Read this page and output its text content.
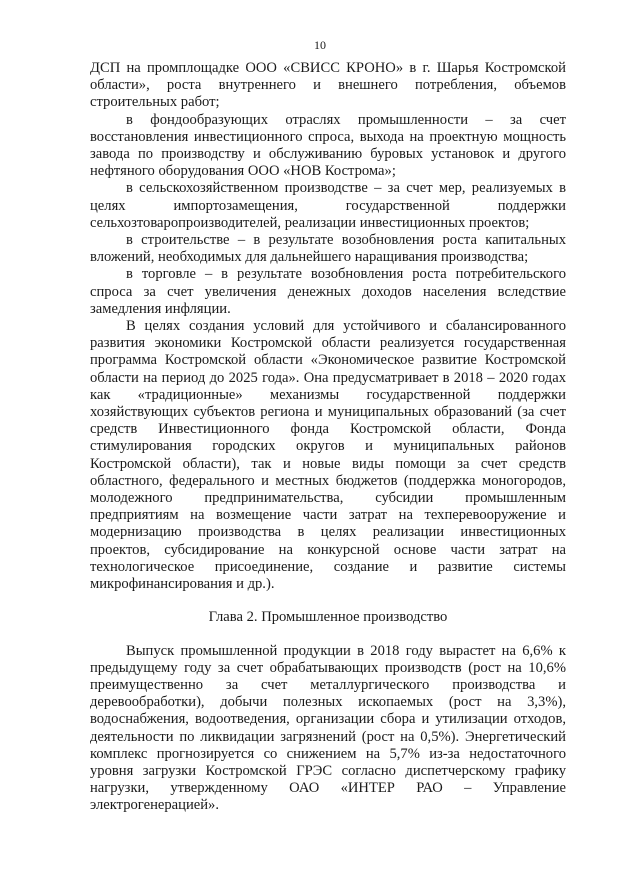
10

ДСП на промплощадке ООО «СВИСС КРОНО» в г. Шарья Костромской области», роста внутреннего и внешнего потребления, объемов строительных работ;

в фондообразующих отраслях промышленности – за счет восстановления инвестиционного спроса, выхода на проектную мощность завода по производству и обслуживанию буровых установок и другого нефтяного оборудования ООО «НОВ Кострома»;

в сельскохозяйственном производстве – за счет мер, реализуемых в целях импортозамещения, государственной поддержки сельхозтоваропроизводителей, реализации инвестиционных проектов;

в строительстве – в результате возобновления роста капитальных вложений, необходимых для дальнейшего наращивания производства;

в торговле – в результате возобновления роста потребительского спроса за счет увеличения денежных доходов населения вследствие замедления инфляции.

В целях создания условий для устойчивого и сбалансированного развития экономики Костромской области реализуется государственная программа Костромской области «Экономическое развитие Костромской области на период до 2025 года». Она предусматривает в 2018 – 2020 годах как «традиционные» механизмы государственной поддержки хозяйствующих субъектов региона и муниципальных образований (за счет средств Инвестиционного фонда Костромской области, Фонда стимулирования городских округов и муниципальных районов Костромской области), так и новые виды помощи за счет средств областного, федерального и местных бюджетов (поддержка моногородов, молодежного предпринимательства, субсидии промышленным предприятиям на возмещение части затрат на техперевооружение и модернизацию производства в целях реализации инвестиционных проектов, субсидирование на конкурсной основе части затрат на технологическое присоединение, создание и развитие системы микрофинансирования и др.).

Глава 2. Промышленное производство

Выпуск промышленной продукции в 2018 году вырастет на 6,6% к предыдущему году за счет обрабатывающих производств (рост на 10,6% преимущественно за счет металлургического производства и деревообработки), добычи полезных ископаемых (рост на 3,3%), водоснабжения, водоотведения, организации сбора и утилизации отходов, деятельности по ликвидации загрязнений (рост на 0,5%). Энергетический комплекс прогнозируется со снижением на 5,7% из-за недостаточного уровня загрузки Костромской ГРЭС согласно диспетчерскому графику нагрузки, утвержденному ОАО «ИНТЕР РАО – Управление электрогенерацией».
